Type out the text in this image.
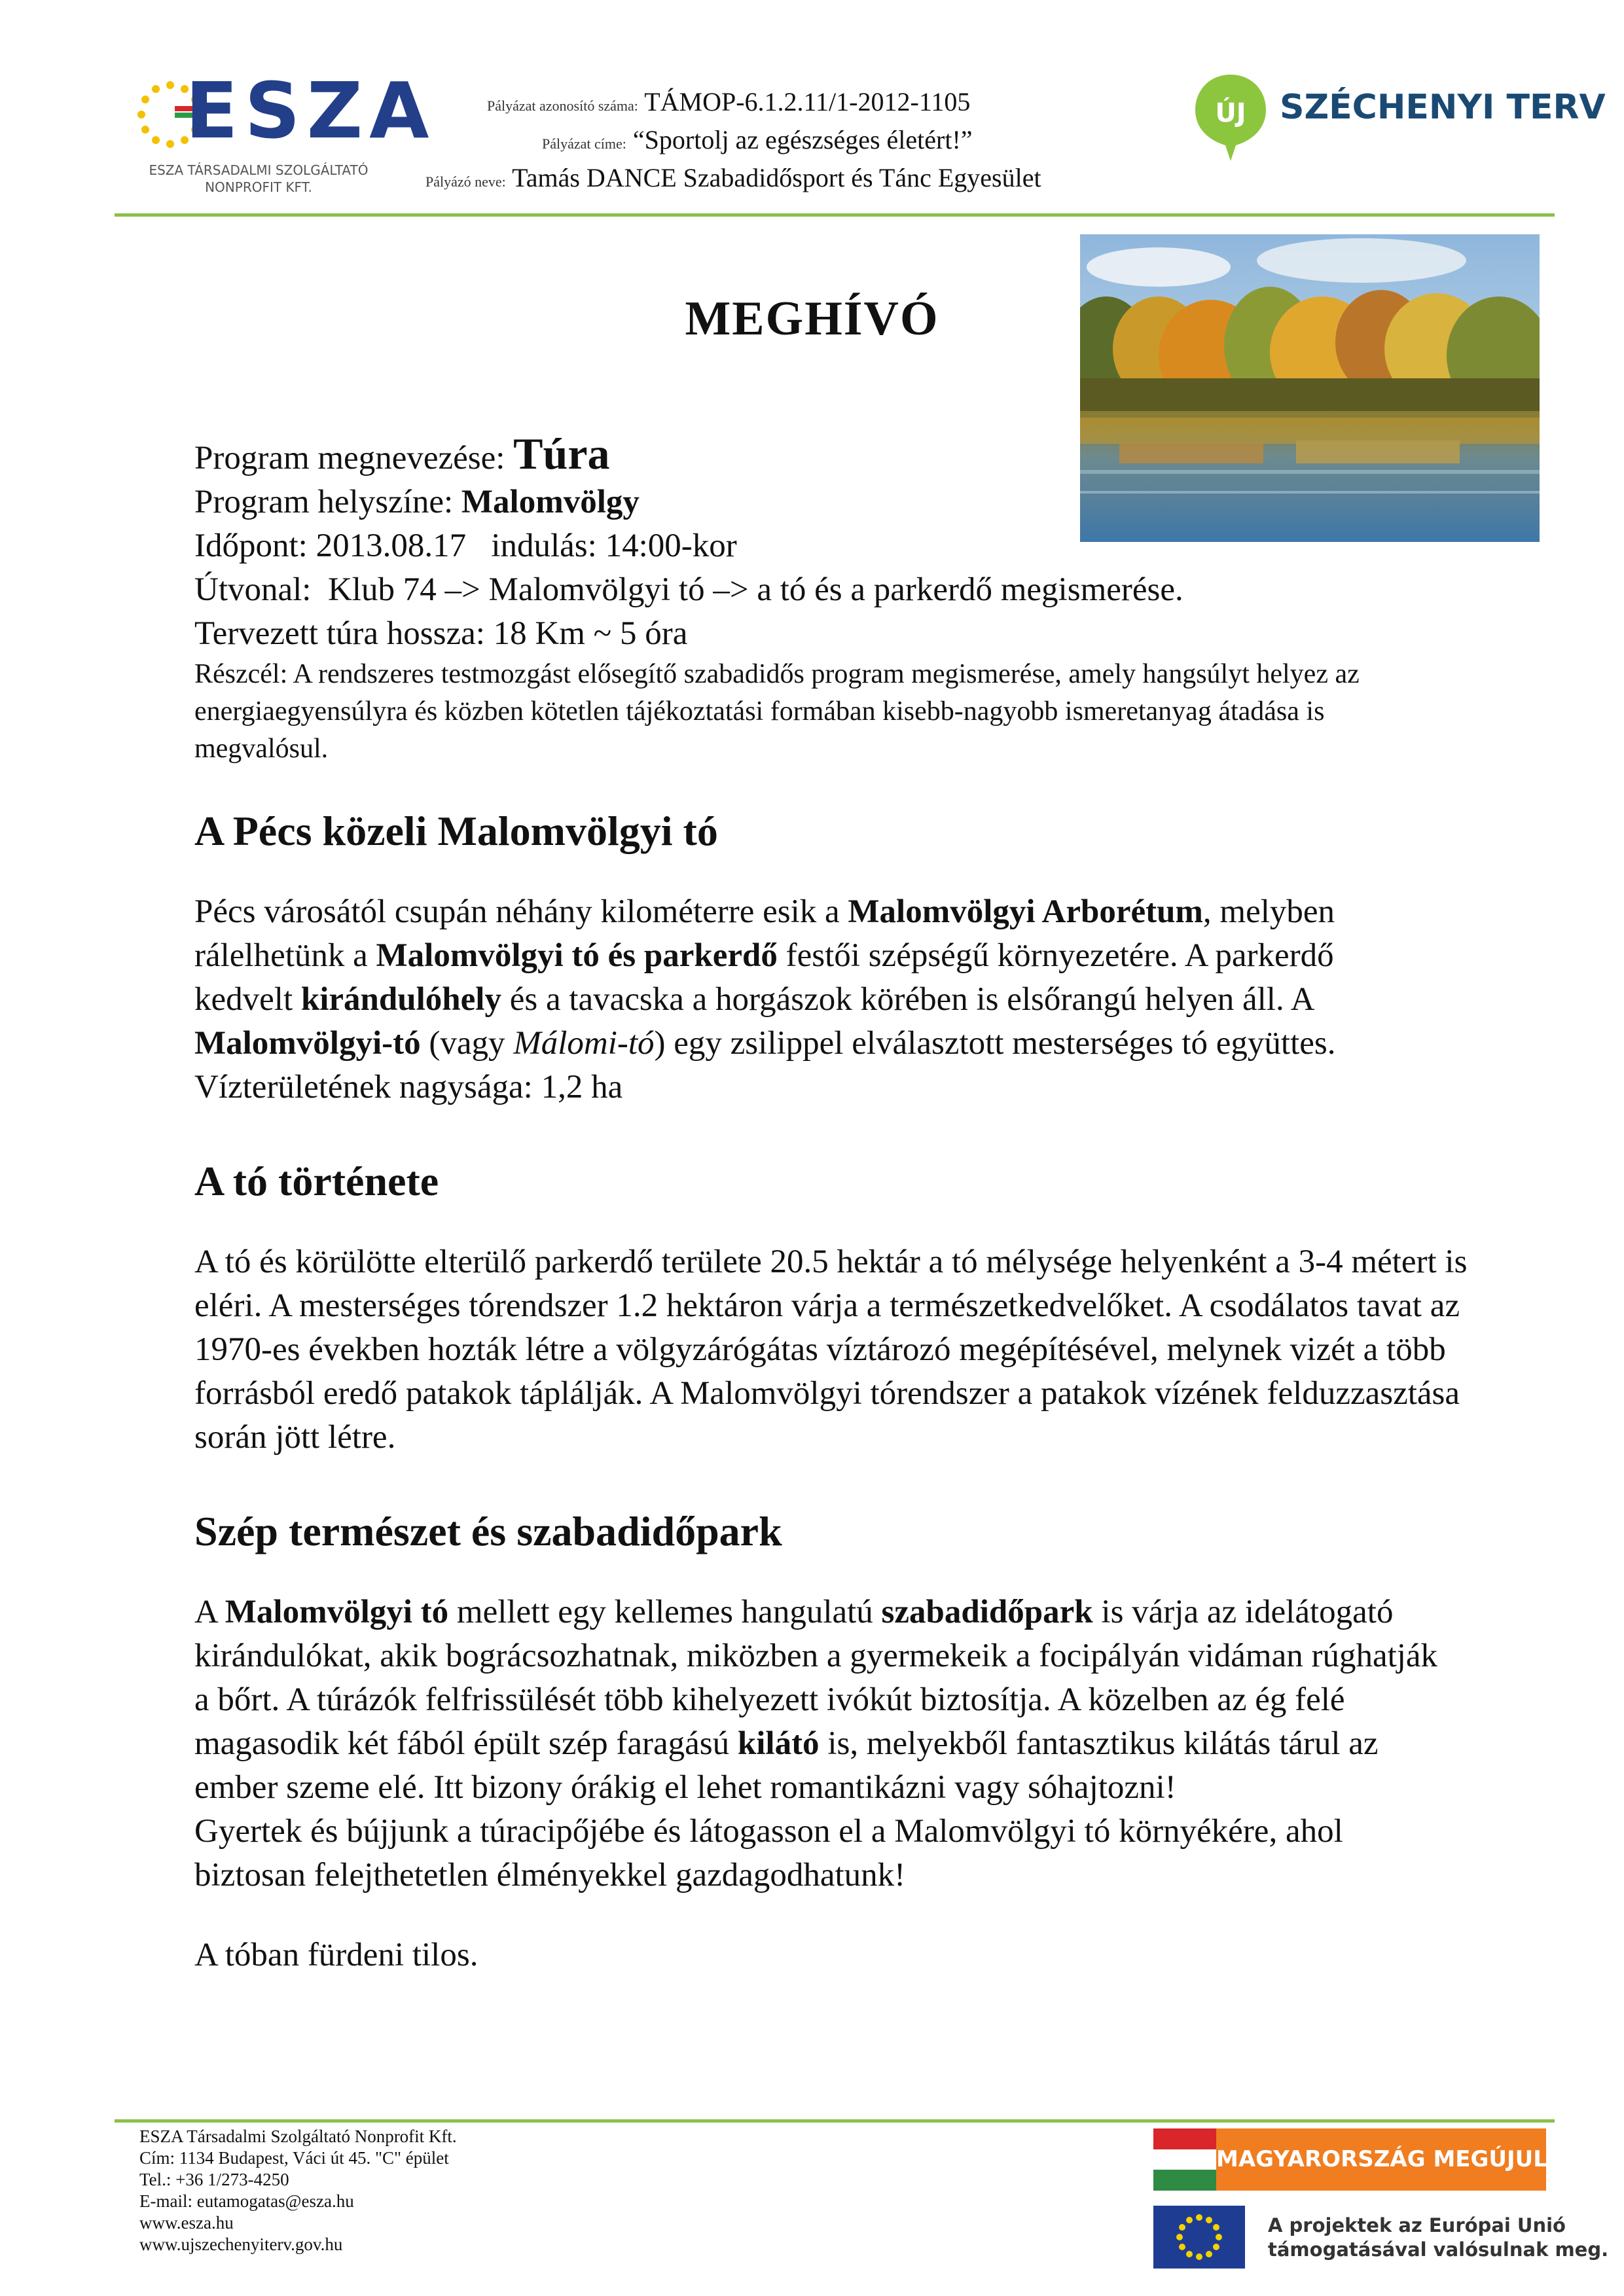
ESZA
ESZA TÁRSADALMI SZOLGÁLTATÓ
NONPROFIT KFT.
Pályázat azonosító száma: TÁMOP-6.1.2.11/1-2012-1105
Pályázat címe: “Sportolj az egészséges életért!”
Pályázó neve: Tamás DANCE Szabadidősport és Tánc Egyesület
ÚJ SZÉCHENYI TERV
MEGHÍVÓ
Program megnevezése: Túra
Program helyszíne: Malomvölgy
Időpont: 2013.08.17   indulás: 14:00-kor
Útvonal:  Klub 74 –> Malomvölgyi tó –> a tó és a parkerdő megismerése.
Tervezett túra hossza: 18 Km ~ 5 óra
Részcél: A rendszeres testmozgást elősegítő szabadidős program megismerése, amely hangsúlyt helyez az energiaegyensúlyra és közben kötetlen tájékoztatási formában kisebb-nagyobb ismeretanyag átadása is megvalósul.
A Pécs közeli Malomvölgyi tó

Pécs városától csupán néhány kilométerre esik a Malomvölgyi Arborétum, melyben rálelhetünk a Malomvölgyi tó és parkerdő festői szépségű környezetére. A parkerdő kedvelt kirándulóhely és a tavacska a horgászok körében is elsőrangú helyen áll. A Malomvölgyi-tó (vagy Málomi-tó) egy zsilippel elválasztott mesterséges tó együttes. Vízterületének nagysága: 1,2 ha

A tó története

A tó és körülötte elterülő parkerdő területe 20.5 hektár a tó mélysége helyenként a 3-4 métert is eléri. A mesterséges tórendszer 1.2 hektáron várja a természetkedvelőket. A csodálatos tavat az 1970-es években hozták létre a völgyzárógátas víztározó megépítésével, melynek vizét a több forrásból eredő patakok táplálják. A Malomvölgyi tórendszer a patakok vízének felduzzasztása során jött létre.

Szép természet és szabadidőpark

A Malomvölgyi tó mellett egy kellemes hangulatú szabadidőpark is várja az idelátogató kirándulókat, akik bográcsozhatnak, miközben a gyermekeik a focipályán vidáman rúghatják a bőrt. A túrázók felfrissülését több kihelyezett ivókút biztosítja. A közelben az ég felé magasodik két fából épült szép faragású kilátó is, melyekből fantasztikus kilátás tárul az ember szeme elé. Itt bizony órákig el lehet romantikázni vagy sóhajtozni!

Gyertek és bújjunk a túracipőjébe és látogasson el a Malomvölgyi tó környékére, ahol biztosan felejthetetlen élményekkel gazdagodhatunk!

A tóban fürdeni tilos.

ESZA Társadalmi Szolgáltató Nonprofit Kft.
Cím: 1134 Budapest, Váci út 45. "C" épület
Tel.: +36 1/273-4250
E-mail: eutamogatas@esza.hu
www.esza.hu
www.ujszechenyiterv.gov.hu
MAGYARORSZÁG MEGÚJUL
A projektek az Európai Unió
támogatásával valósulnak meg.
